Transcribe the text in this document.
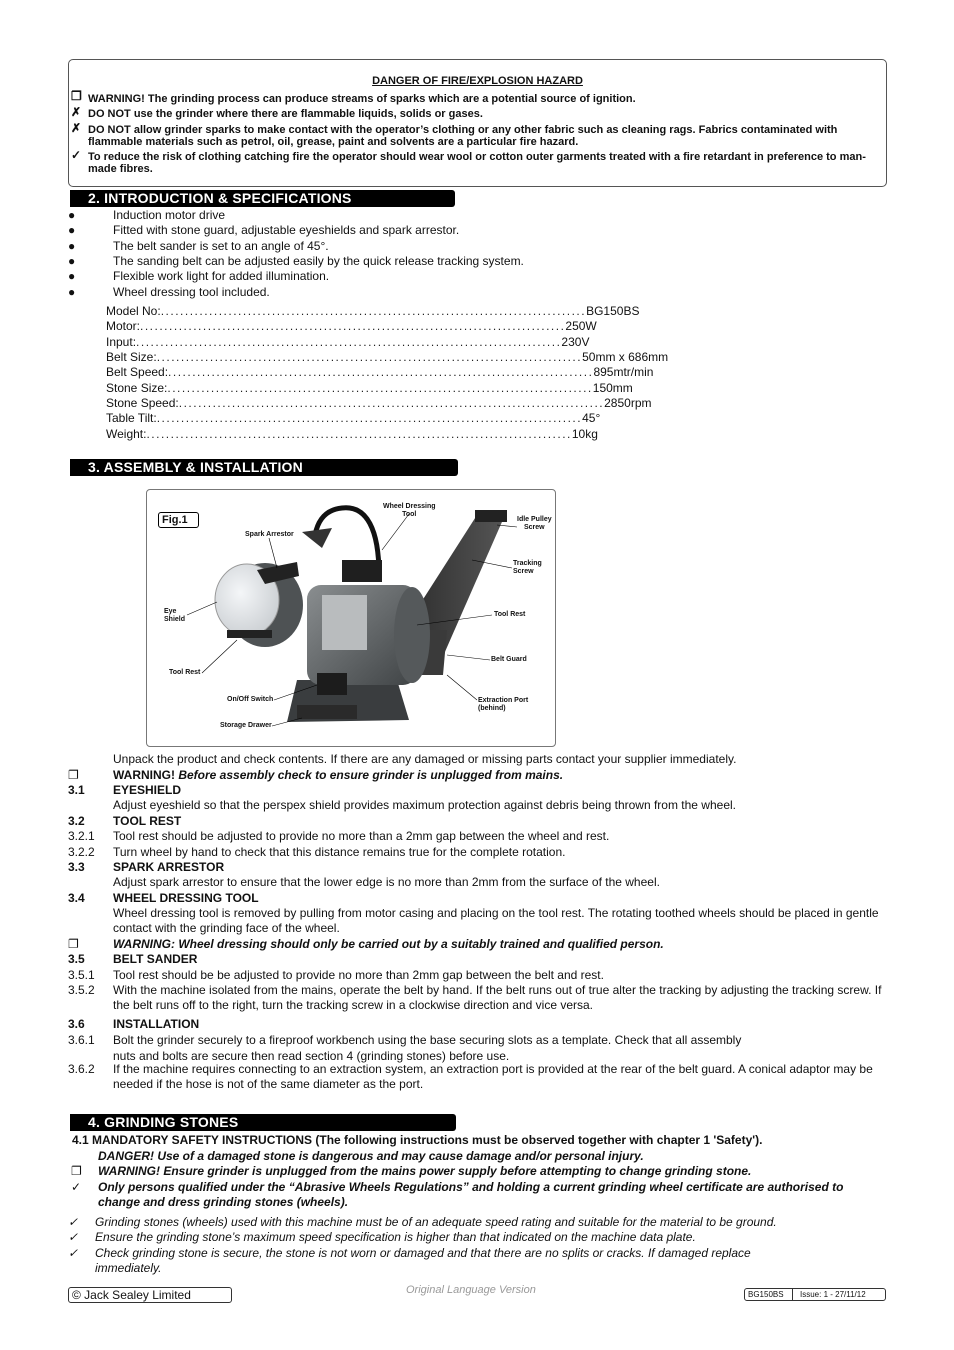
DANGER OF FIRE/EXPLOSION HAZARD
❐ WARNING! The grinding process can produce streams of sparks which are a potential source of ignition.
✗ DO NOT use the grinder where there are flammable liquids, solids or gases.
✗ DO NOT allow grinder sparks to make contact with the operator’s clothing or any other fabric such as cleaning rags. Fabrics contaminated with flammable materials such as petrol, oil, grease, paint and solvents are a particular fire hazard.
✓ To reduce the risk of clothing catching fire the operator should wear wool or cotton outer garments treated with a fire retardant in preference to man-made fibres.
2. INTRODUCTION & SPECIFICATIONS
●	Induction motor drive
●	Fitted with stone guard, adjustable eyeshields and spark arrestor.
●	The belt sander is set to an angle of 45°.
●	The sanding belt can be adjusted easily by the quick release tracking system.
●	Flexible work light for added illumination.
●	Wheel dressing tool included.
Model No: ........................................................................................ BG150BS
Motor: ........................................................................................ 250W
Input: ........................................................................................ 230V
Belt Size: ........................................................................................ 50mm x 686mm
Belt Speed: ........................................................................................ 895mtr/min
Stone Size: ........................................................................................ 150mm
Stone Speed: ........................................................................................ 2850rpm
Table Tilt: ........................................................................................ 45°
Weight: ........................................................................................ 10kg
3. ASSEMBLY & INSTALLATION
Fig.1
Wheel Dressing
Tool
Spark Arrestor
Idle Pulley
Screw
Tracking
Screw
Eye
Shield
Tool Rest
Belt Guard
Tool Rest
On/Off Switch	Extraction Port
(behind)
Storage Drawer
Unpack the product and check contents. If there are any damaged or missing parts contact your supplier immediately.
❐	WARNING! Before assembly check to ensure grinder is unplugged from mains.
3.1 EYESHIELD
Adjust eyeshield so that the perspex shield provides maximum protection against debris being thrown from the wheel.
3.2 TOOL REST
3.2.1 Tool rest should be adjusted to provide no more than a 2mm gap between the wheel and rest.
3.2.2 Turn wheel by hand to check that this distance remains true for the complete rotation.
3.3 SPARK ARRESTOR
Adjust spark arrestor to ensure that the lower edge is no more than 2mm from the surface of the wheel.
3.4 WHEEL DRESSING TOOL
Wheel dressing tool is removed by pulling from motor casing and placing on the tool rest. The rotating toothed wheels should be placed in gentle contact with the grinding face of the wheel.
❐	WARNING: Wheel dressing should only be carried out by a suitably trained and qualified person.
3.5 BELT SANDER
3.5.1 Tool rest should be be adjusted to provide no more than 2mm gap between the belt and rest.
3.5.2 With the machine isolated from the mains, operate the belt by hand. If the belt runs out of true alter the tracking by adjusting the tracking screw. If the belt runs off to the right, turn the tracking screw in a clockwise direction and vice versa.
3.6 INSTALLATION
3.6.1 Bolt the grinder securely to a fireproof workbench using the base securing slots as a template. Check that all assembly
nuts and bolts are secure then read section 4 (grinding stones) before use.
3.6.2 If the machine requires connecting to an extraction system, an extraction port is provided at the rear of the belt guard. A conical adaptor may be needed if the hose is not of the same diameter as the port.
4. GRINDING STONES
4.1 MANDATORY SAFETY INSTRUCTIONS (The following instructions must be observed together with chapter 1 'Safety').
DANGER! Use of a damaged stone is dangerous and may cause damage and/or personal injury.
❐ WARNING! Ensure grinder is unplugged from the mains power supply before attempting to change grinding stone.
✓ Only persons qualified under the “Abrasive Wheels Regulations” and holding a current grinding wheel certificate are authorised to change and dress grinding stones (wheels).
✓ Grinding stones (wheels) used with this machine must be of an adequate speed rating and suitable for the material to be ground.
✓ Ensure the grinding stone’s maximum speed specification is higher than that indicated on the machine data plate.
✓ Check grinding stone is secure, the stone is not worn or damaged and that there are no splits or cracks. If damaged replace immediately.
© Jack Sealey Limited	Original Language Version	BG150BS Issue: 1 - 27/11/12
